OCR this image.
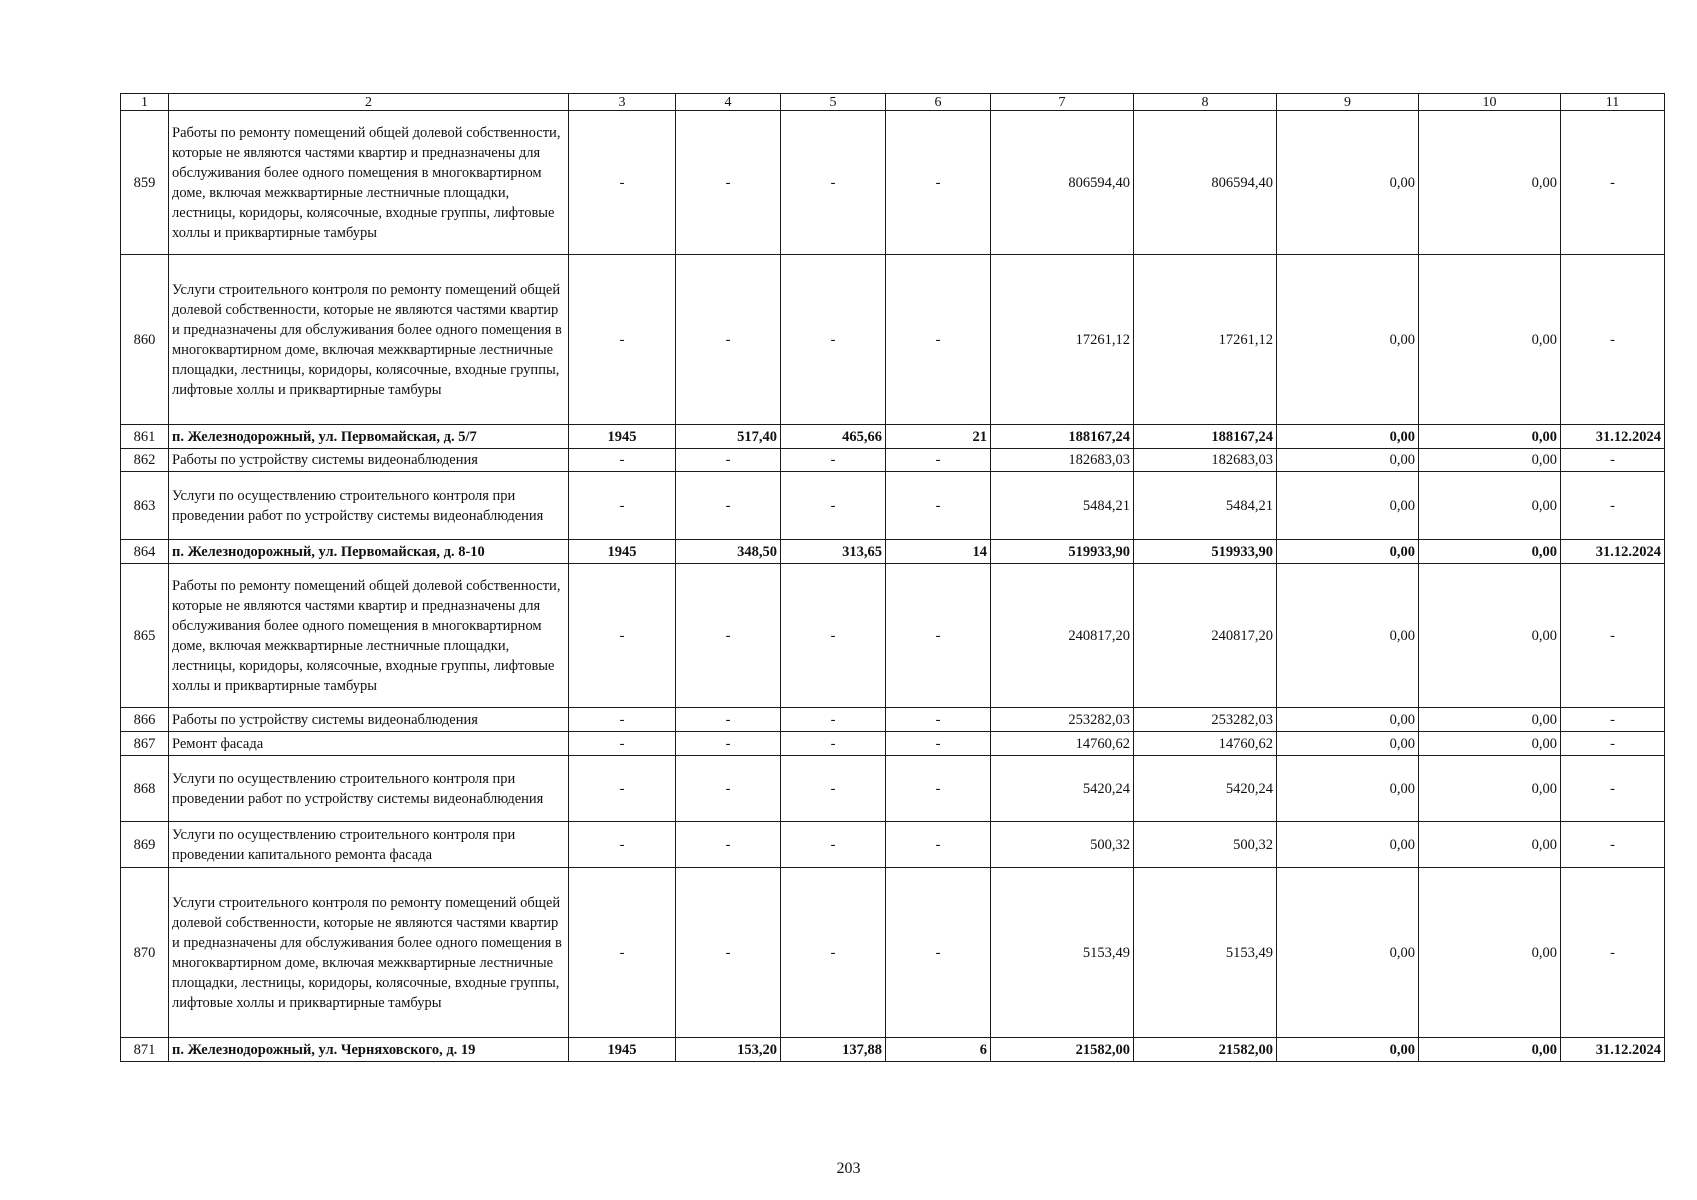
1	2	3	4	5	6	7	8	9	10	11
859	Работы по ремонту помещений общей долевой собственности, которые не являются частями квартир и предназначены для обслуживания более одного помещения в многоквартирном доме, включая межквартирные лестничные площадки, лестницы, коридоры, колясочные, входные группы, лифтовые холлы и приквартирные тамбуры	-	-	-	-	806594,40	806594,40	0,00	0,00	-
860	Услуги строительного контроля по ремонту помещений общей долевой собственности, которые не являются частями квартир и предназначены для обслуживания более одного помещения в многоквартирном доме, включая межквартирные лестничные площадки, лестницы, коридоры, колясочные, входные группы, лифтовые холлы и приквартирные тамбуры	-	-	-	-	17261,12	17261,12	0,00	0,00	-
861	п. Железнодорожный, ул. Первомайская, д. 5/7	1945	517,40	465,66	21	188167,24	188167,24	0,00	0,00	31.12.2024
862	Работы по устройству системы видеонаблюдения	-	-	-	-	182683,03	182683,03	0,00	0,00	-
863	Услуги по осуществлению строительного контроля при проведении работ по устройству системы видеонаблюдения	-	-	-	-	5484,21	5484,21	0,00	0,00	-
864	п. Железнодорожный, ул. Первомайская, д. 8-10	1945	348,50	313,65	14	519933,90	519933,90	0,00	0,00	31.12.2024
865	Работы по ремонту помещений общей долевой собственности, которые не являются частями квартир и предназначены для обслуживания более одного помещения в многоквартирном доме, включая межквартирные лестничные площадки, лестницы, коридоры, колясочные, входные группы, лифтовые холлы и приквартирные тамбуры	-	-	-	-	240817,20	240817,20	0,00	0,00	-
866	Работы по устройству системы видеонаблюдения	-	-	-	-	253282,03	253282,03	0,00	0,00	-
867	Ремонт фасада	-	-	-	-	14760,62	14760,62	0,00	0,00	-
868	Услуги по осуществлению строительного контроля при проведении работ по устройству системы видеонаблюдения	-	-	-	-	5420,24	5420,24	0,00	0,00	-
869	Услуги по осуществлению строительного контроля при проведении капитального ремонта фасада	-	-	-	-	500,32	500,32	0,00	0,00	-
870	Услуги строительного контроля по ремонту помещений общей долевой собственности, которые не являются частями квартир и предназначены для обслуживания более одного помещения в многоквартирном доме, включая межквартирные лестничные площадки, лестницы, коридоры, колясочные, входные группы, лифтовые холлы и приквартирные тамбуры	-	-	-	-	5153,49	5153,49	0,00	0,00	-
871	п. Железнодорожный, ул. Черняховского, д. 19	1945	153,20	137,88	6	21582,00	21582,00	0,00	0,00	31.12.2024
203
